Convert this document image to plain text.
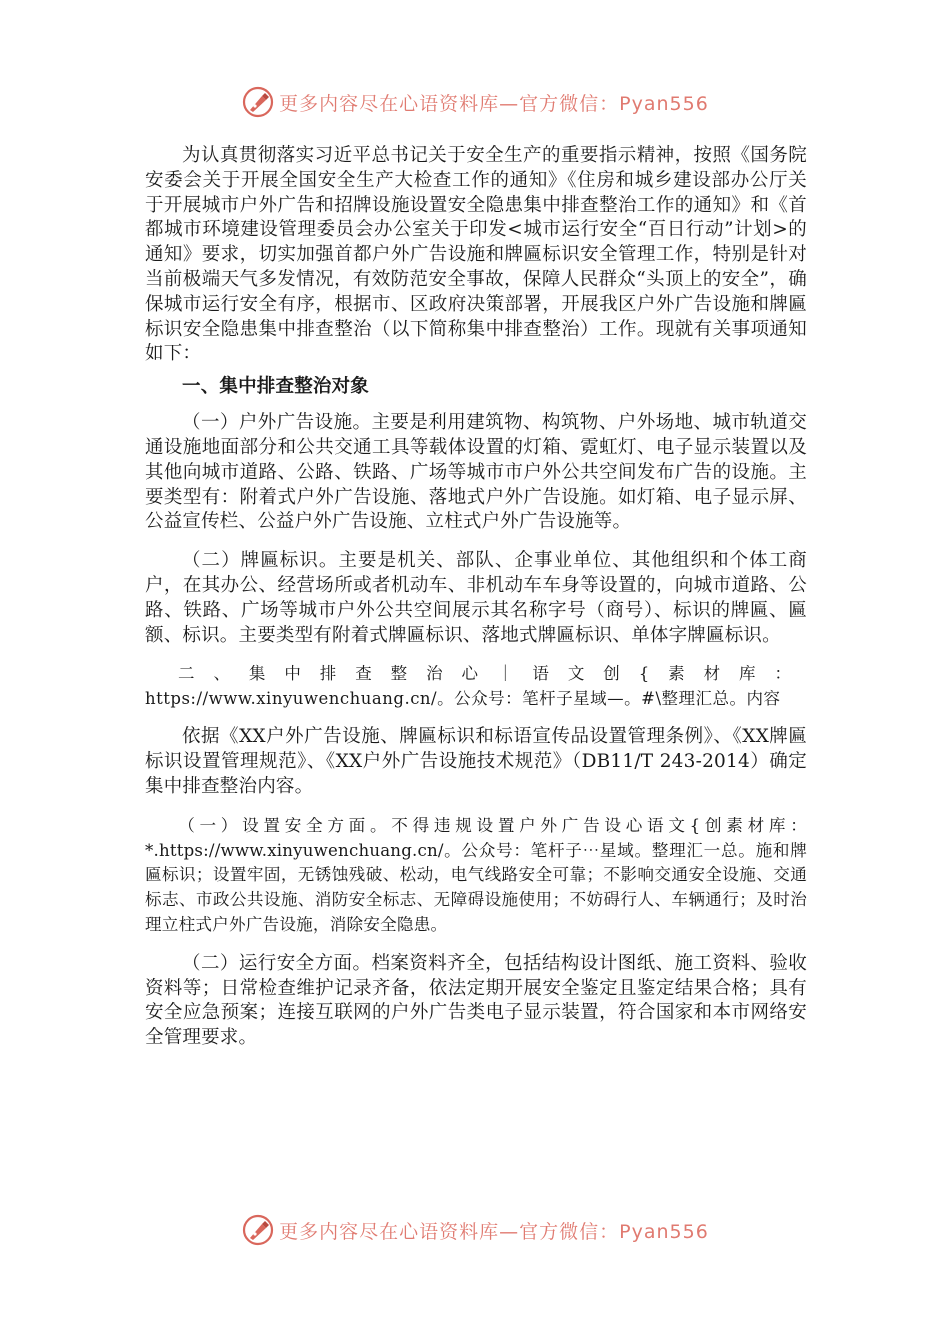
更多内容尽在心语资料库—官方微信：Pyan556

为认真贯彻落实习近平总书记关于安全生产的重要指示精神，按照《国务院安委会关于开展全国安全生产大检查工作的通知》《住房和城乡建设部办公厅关于开展城市户外广告和招牌设施设置安全隐患集中排查整治工作的通知》和《首都城市环境建设管理委员会办公室关于印发<城市运行安全“百日行动”计划>的通知》要求，切实加强首都户外广告设施和牌匾标识安全管理工作，特别是针对当前极端天气多发情况，有效防范安全事故，保障人民群众“头顶上的安全”，确保城市运行安全有序，根据市、区政府决策部署，开展我区户外广告设施和牌匾标识安全隐患集中排查整治（以下简称集中排查整治）工作。现就有关事项通知如下：

一、集中排查整治对象

（一）户外广告设施。主要是利用建筑物、构筑物、户外场地、城市轨道交通设施地面部分和公共交通工具等载体设置的灯箱、霓虹灯、电子显示装置以及其他向城市道路、公路、铁路、广场等城市市户外公共空间发布广告的设施。主要类型有：附着式户外广告设施、落地式户外广告设施。如灯箱、电子显示屏、公益宣传栏、公益户外广告设施、立柱式户外广告设施等。

（二）牌匾标识。主要是机关、部队、企事业单位、其他组织和个体工商户，在其办公、经营场所或者机动车、非机动车车身等设置的，向城市道路、公路、铁路、广场等城市户外公共空间展示其名称字号（商号）、标识的牌匾、匾额、标识。主要类型有附着式牌匾标识、落地式牌匾标识、单体字牌匾标识。

二、集中排查整治心｜语文创{素材库：https://www.xinyuwenchuang.cn/。公众号：笔杆子星域—。#\整理汇总。内容

依据《XX户外广告设施、牌匾标识和标语宣传品设置管理条例》、《XX牌匾标识设置管理规范》、《XX户外广告设施技术规范》（DB11/T 243-2014）确定集中排查整治内容。

（一）设置安全方面。不得违规设置户外广告设心语文{创素材库：*.https://www.xinyuwenchuang.cn/。公众号：笔杆子⋯星域。整理汇一总。施和牌匾标识；设置牢固，无锈蚀残破、松动，电气线路安全可靠；不影响交通安全设施、交通标志、市政公共设施、消防安全标志、无障碍设施使用；不妨碍行人、车辆通行；及时治理立柱式户外广告设施，消除安全隐患。

（二）运行安全方面。档案资料齐全，包括结构设计图纸、施工资料、验收资料等；日常检查维护记录齐备，依法定期开展安全鉴定且鉴定结果合格；具有安全应急预案；连接互联网的户外广告类电子显示装置，符合国家和本市网络安全管理要求。

更多内容尽在心语资料库—官方微信：Pyan556
